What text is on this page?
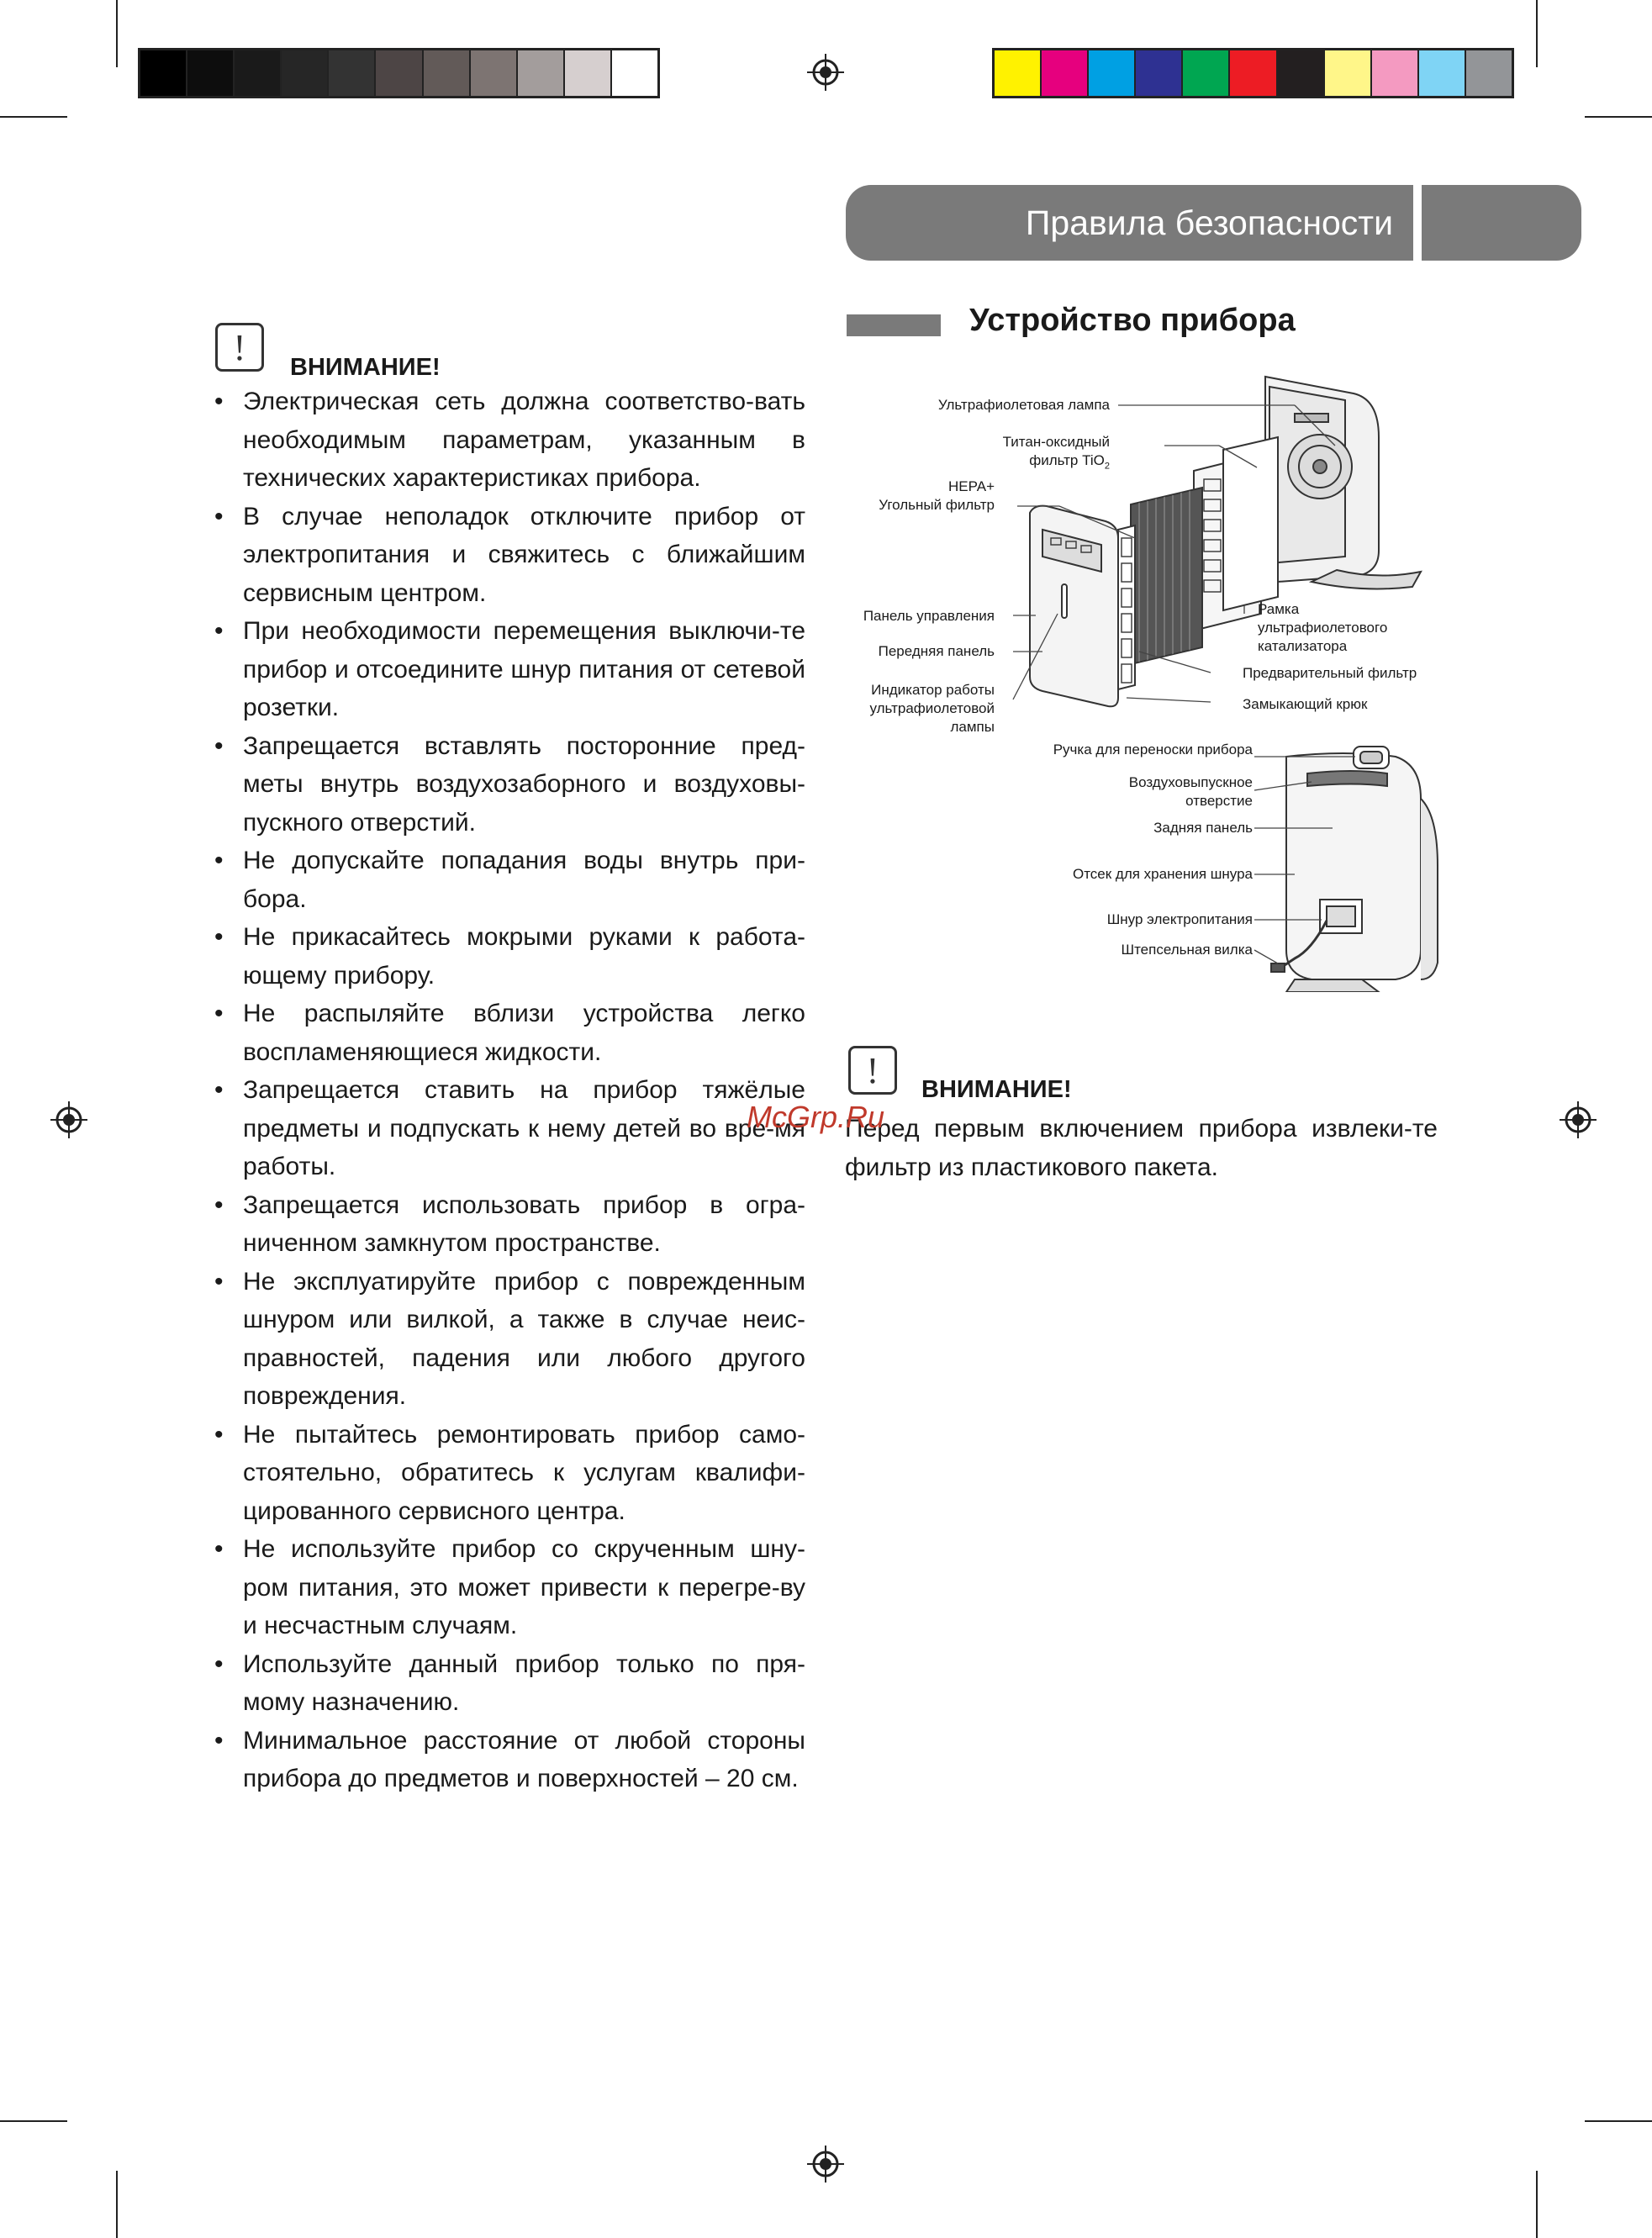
Правила безопасности
!	ВНИМАНИЕ!
• Электрическая сеть должна соответство-вать необходимым параметрам, указанным в технических характеристиках прибора.
• В случае неполадок отключите прибор от электропитания и свяжитесь с ближайшим сервисным центром.
• При необходимости перемещения выключи-те прибор и отсоедините шнур питания от сетевой розетки.
• Запрещается вставлять посторонние пред-меты внутрь воздухозаборного и воздуховы-пускного отверстий.
• Не допускайте попадания воды внутрь при-бора.
• Не прикасайтесь мокрыми руками к работа-ющему прибору.
• Не распыляйте вблизи устройства легко воспламеняющиеся жидкости.
• Запрещается ставить на прибор тяжёлые предметы и подпускать к нему детей во вре-мя работы.
• Запрещается использовать прибор в огра-ниченном замкнутом пространстве.
• Не эксплуатируйте прибор с поврежденным шнуром или вилкой, а также в случае неис-правностей, падения или любого другого повреждения.
• Не пытайтесь ремонтировать прибор само-стоятельно, обратитесь к услугам квалифи-цированного сервисного центра.
• Не используйте прибор со скрученным шну-ром питания, это может привести к перегре-ву и несчастным случаям.
• Используйте данный прибор только по пря-мому назначению.
• Минимальное расстояние от любой стороны прибора до предметов и поверхностей – 20 см.
Устройство прибора
Ультрафиолетовая лампа
Титан-оксидный
фильтр TiO$_2$
HEPA+
Угольный фильтр
Панель управления
Передняя панель
Индикатор работы
ультрафиолетовой
лампы
Рамка
ультрафиолетового
катализатора
Предварительный фильтр
Замыкающий крюк
Ручка для переноски прибора
Воздуховыпускное
отверстие
Задняя панель
Отсек для хранения шнура
Шнур электропитания
Штепсельная вилка
!	ВНИМАНИЕ!
Перед первым включением прибора извлеки-те фильтр из пластикового пакета.
McGrp.Ru
